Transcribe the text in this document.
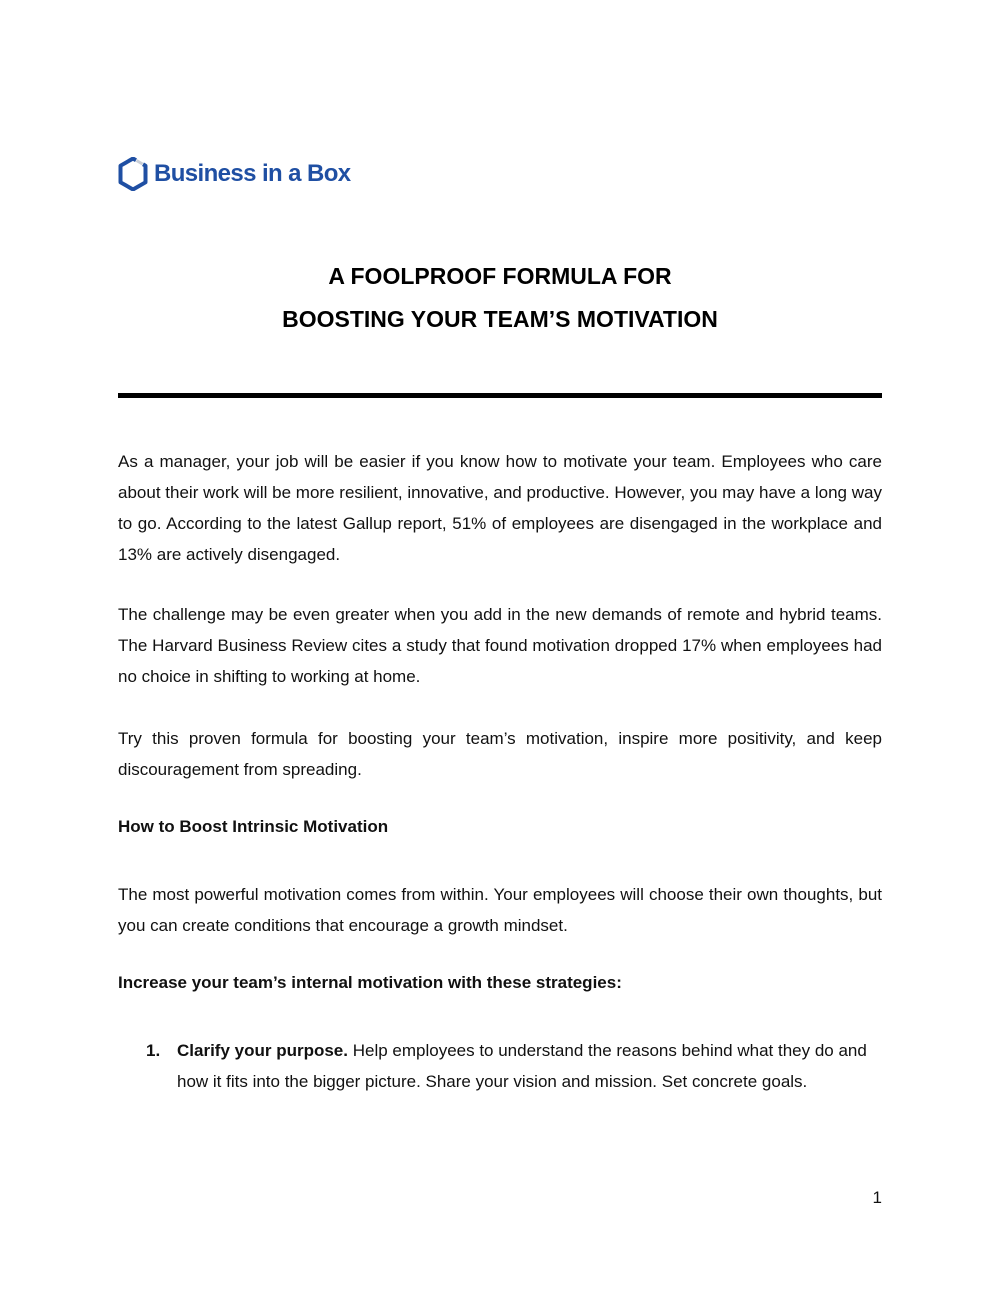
Business in a Box
A FOOLPROOF FORMULA FOR
BOOSTING YOUR TEAM’S MOTIVATION

As a manager, your job will be easier if you know how to motivate your team. Employees who care about their work will be more resilient, innovative, and productive. However, you may have a long way to go. According to the latest Gallup report, 51% of employees are disengaged in the workplace and 13% are actively disengaged.

The challenge may be even greater when you add in the new demands of remote and hybrid teams. The Harvard Business Review cites a study that found motivation dropped 17% when employees had no choice in shifting to working at home.

Try this proven formula for boosting your team’s motivation, inspire more positivity, and keep discouragement from spreading.

How to Boost Intrinsic Motivation

The most powerful motivation comes from within. Your employees will choose their own thoughts, but you can create conditions that encourage a growth mindset.

Increase your team’s internal motivation with these strategies:
1. Clarify your purpose. Help employees to understand the reasons behind what they do and how it fits into the bigger picture. Share your vision and mission. Set concrete goals.
1
